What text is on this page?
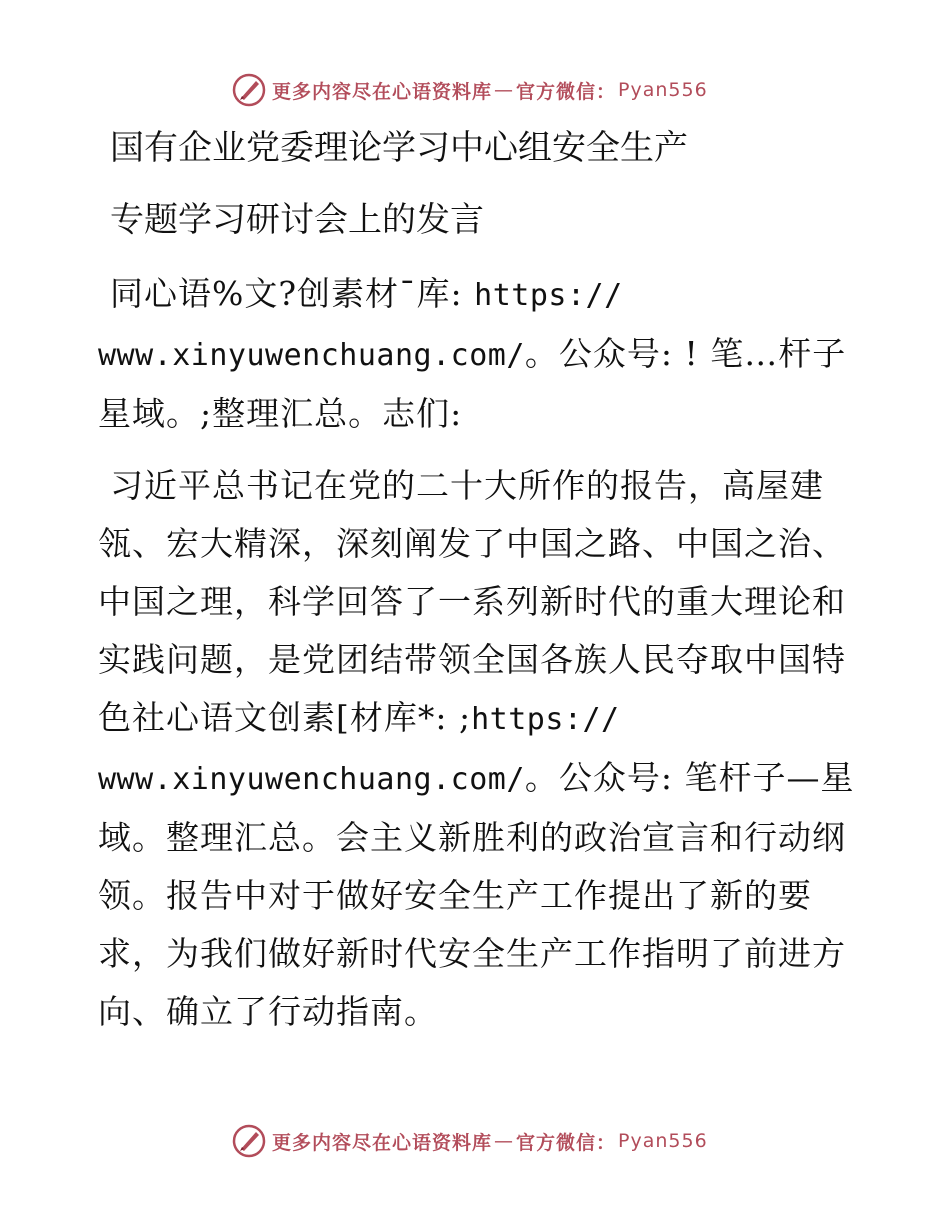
更多内容尽在心语资料库 — 官方微信： Pyan556
国有企业党委理论学习中心组安全生产
专题学习研讨会上的发言

同心语%文?创素材¯库: https://
www.xinyuwenchuang.com/。公众号: ! 笔…杆子星域。;整理汇总。志们:

习近平总书记在党的二十大所作的报告，高屋建瓴、宏大精深，深刻阐发了中国之路、中国之治、中国之理，科学回答了一系列新时代的重大理论和实践问题，是党团结带领全国各族人民夺取中国特色社心语文创素[材库*: ;https://
www.xinyuwenchuang.com/。公众号: 笔杆子—星域。整理汇总。会主义新胜利的政治宣言和行动纲领。报告中对于做好安全生产工作提出了新的要求，为我们做好新时代安全生产工作指明了前进方向、确立了行动指南。

更多内容尽在心语资料库 — 官方微信： Pyan556
